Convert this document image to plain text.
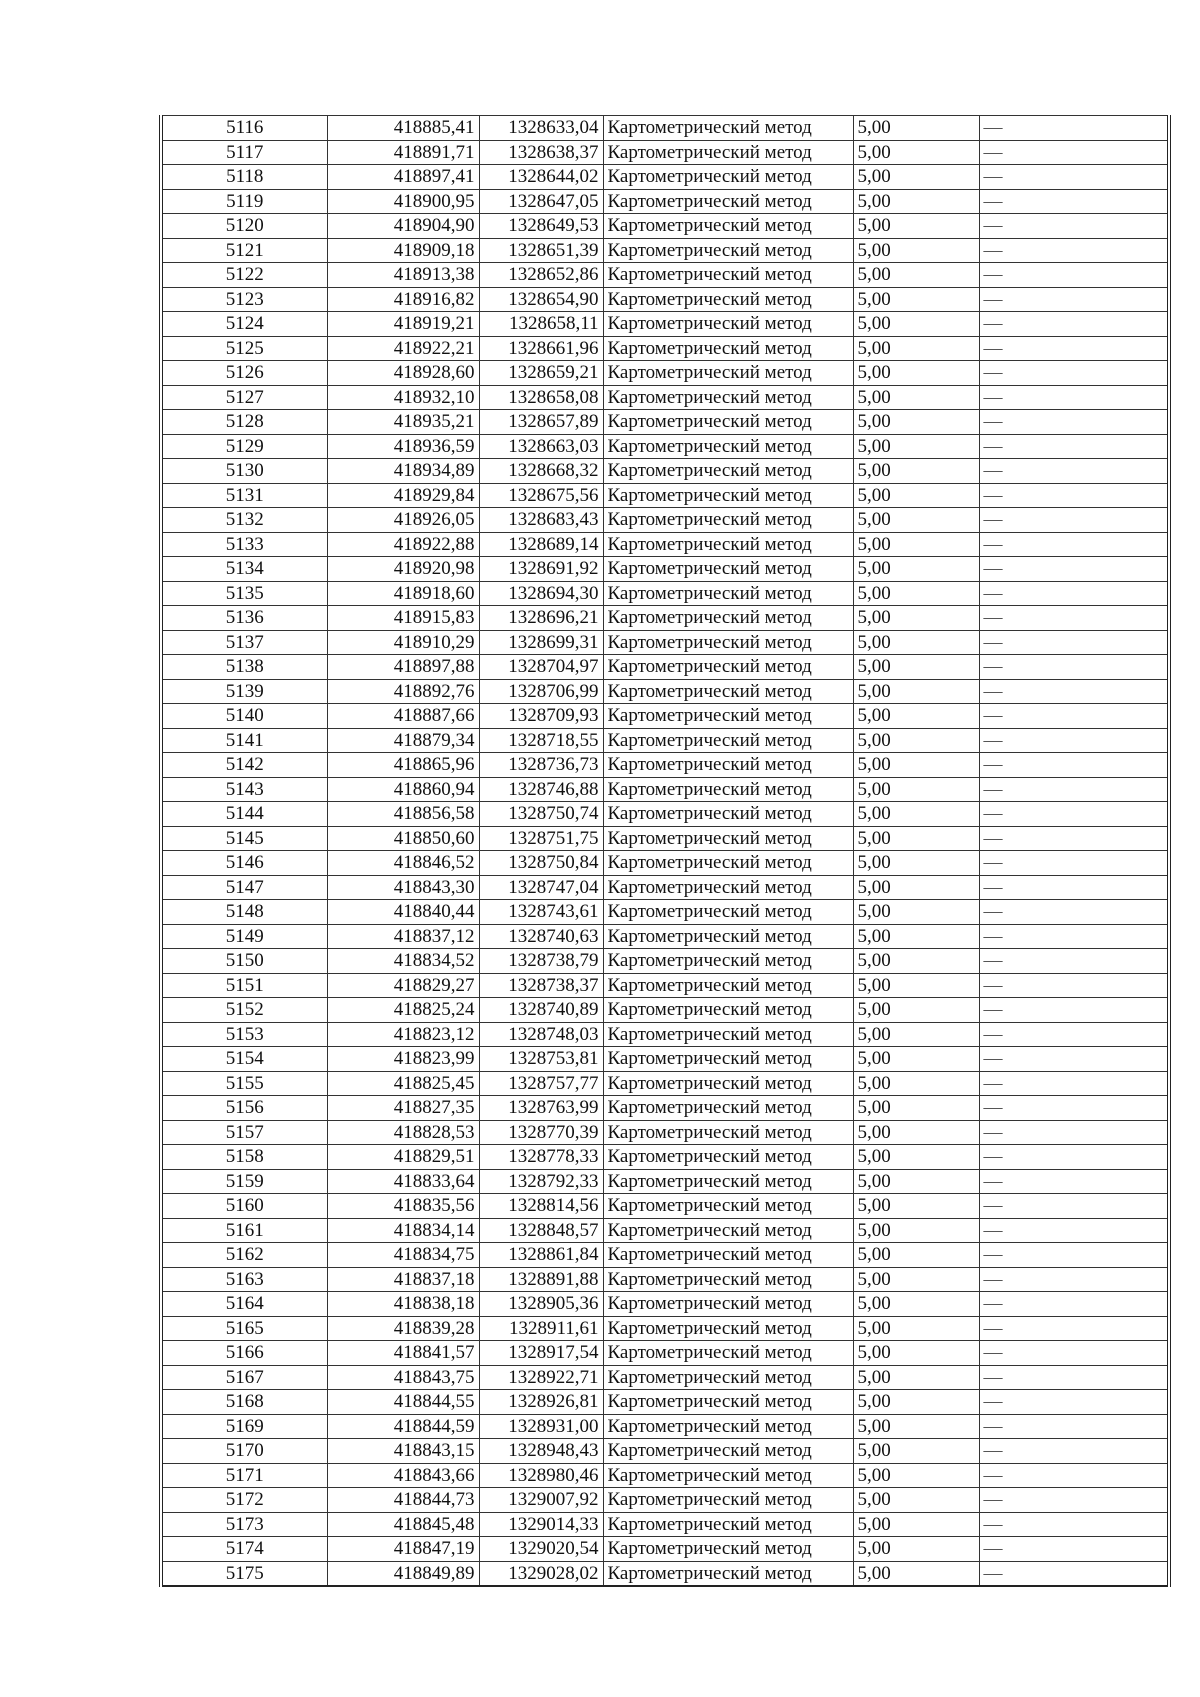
5116	418885,41	1328633,04	Картометрический метод	5,00	—
5117	418891,71	1328638,37	Картометрический метод	5,00	—
5118	418897,41	1328644,02	Картометрический метод	5,00	—
5119	418900,95	1328647,05	Картометрический метод	5,00	—
5120	418904,90	1328649,53	Картометрический метод	5,00	—
5121	418909,18	1328651,39	Картометрический метод	5,00	—
5122	418913,38	1328652,86	Картометрический метод	5,00	—
5123	418916,82	1328654,90	Картометрический метод	5,00	—
5124	418919,21	1328658,11	Картометрический метод	5,00	—
5125	418922,21	1328661,96	Картометрический метод	5,00	—
5126	418928,60	1328659,21	Картометрический метод	5,00	—
5127	418932,10	1328658,08	Картометрический метод	5,00	—
5128	418935,21	1328657,89	Картометрический метод	5,00	—
5129	418936,59	1328663,03	Картометрический метод	5,00	—
5130	418934,89	1328668,32	Картометрический метод	5,00	—
5131	418929,84	1328675,56	Картометрический метод	5,00	—
5132	418926,05	1328683,43	Картометрический метод	5,00	—
5133	418922,88	1328689,14	Картометрический метод	5,00	—
5134	418920,98	1328691,92	Картометрический метод	5,00	—
5135	418918,60	1328694,30	Картометрический метод	5,00	—
5136	418915,83	1328696,21	Картометрический метод	5,00	—
5137	418910,29	1328699,31	Картометрический метод	5,00	—
5138	418897,88	1328704,97	Картометрический метод	5,00	—
5139	418892,76	1328706,99	Картометрический метод	5,00	—
5140	418887,66	1328709,93	Картометрический метод	5,00	—
5141	418879,34	1328718,55	Картометрический метод	5,00	—
5142	418865,96	1328736,73	Картометрический метод	5,00	—
5143	418860,94	1328746,88	Картометрический метод	5,00	—
5144	418856,58	1328750,74	Картометрический метод	5,00	—
5145	418850,60	1328751,75	Картометрический метод	5,00	—
5146	418846,52	1328750,84	Картометрический метод	5,00	—
5147	418843,30	1328747,04	Картометрический метод	5,00	—
5148	418840,44	1328743,61	Картометрический метод	5,00	—
5149	418837,12	1328740,63	Картометрический метод	5,00	—
5150	418834,52	1328738,79	Картометрический метод	5,00	—
5151	418829,27	1328738,37	Картометрический метод	5,00	—
5152	418825,24	1328740,89	Картометрический метод	5,00	—
5153	418823,12	1328748,03	Картометрический метод	5,00	—
5154	418823,99	1328753,81	Картометрический метод	5,00	—
5155	418825,45	1328757,77	Картометрический метод	5,00	—
5156	418827,35	1328763,99	Картометрический метод	5,00	—
5157	418828,53	1328770,39	Картометрический метод	5,00	—
5158	418829,51	1328778,33	Картометрический метод	5,00	—
5159	418833,64	1328792,33	Картометрический метод	5,00	—
5160	418835,56	1328814,56	Картометрический метод	5,00	—
5161	418834,14	1328848,57	Картометрический метод	5,00	—
5162	418834,75	1328861,84	Картометрический метод	5,00	—
5163	418837,18	1328891,88	Картометрический метод	5,00	—
5164	418838,18	1328905,36	Картометрический метод	5,00	—
5165	418839,28	1328911,61	Картометрический метод	5,00	—
5166	418841,57	1328917,54	Картометрический метод	5,00	—
5167	418843,75	1328922,71	Картометрический метод	5,00	—
5168	418844,55	1328926,81	Картометрический метод	5,00	—
5169	418844,59	1328931,00	Картометрический метод	5,00	—
5170	418843,15	1328948,43	Картометрический метод	5,00	—
5171	418843,66	1328980,46	Картометрический метод	5,00	—
5172	418844,73	1329007,92	Картометрический метод	5,00	—
5173	418845,48	1329014,33	Картометрический метод	5,00	—
5174	418847,19	1329020,54	Картометрический метод	5,00	—
5175	418849,89	1329028,02	Картометрический метод	5,00	—
